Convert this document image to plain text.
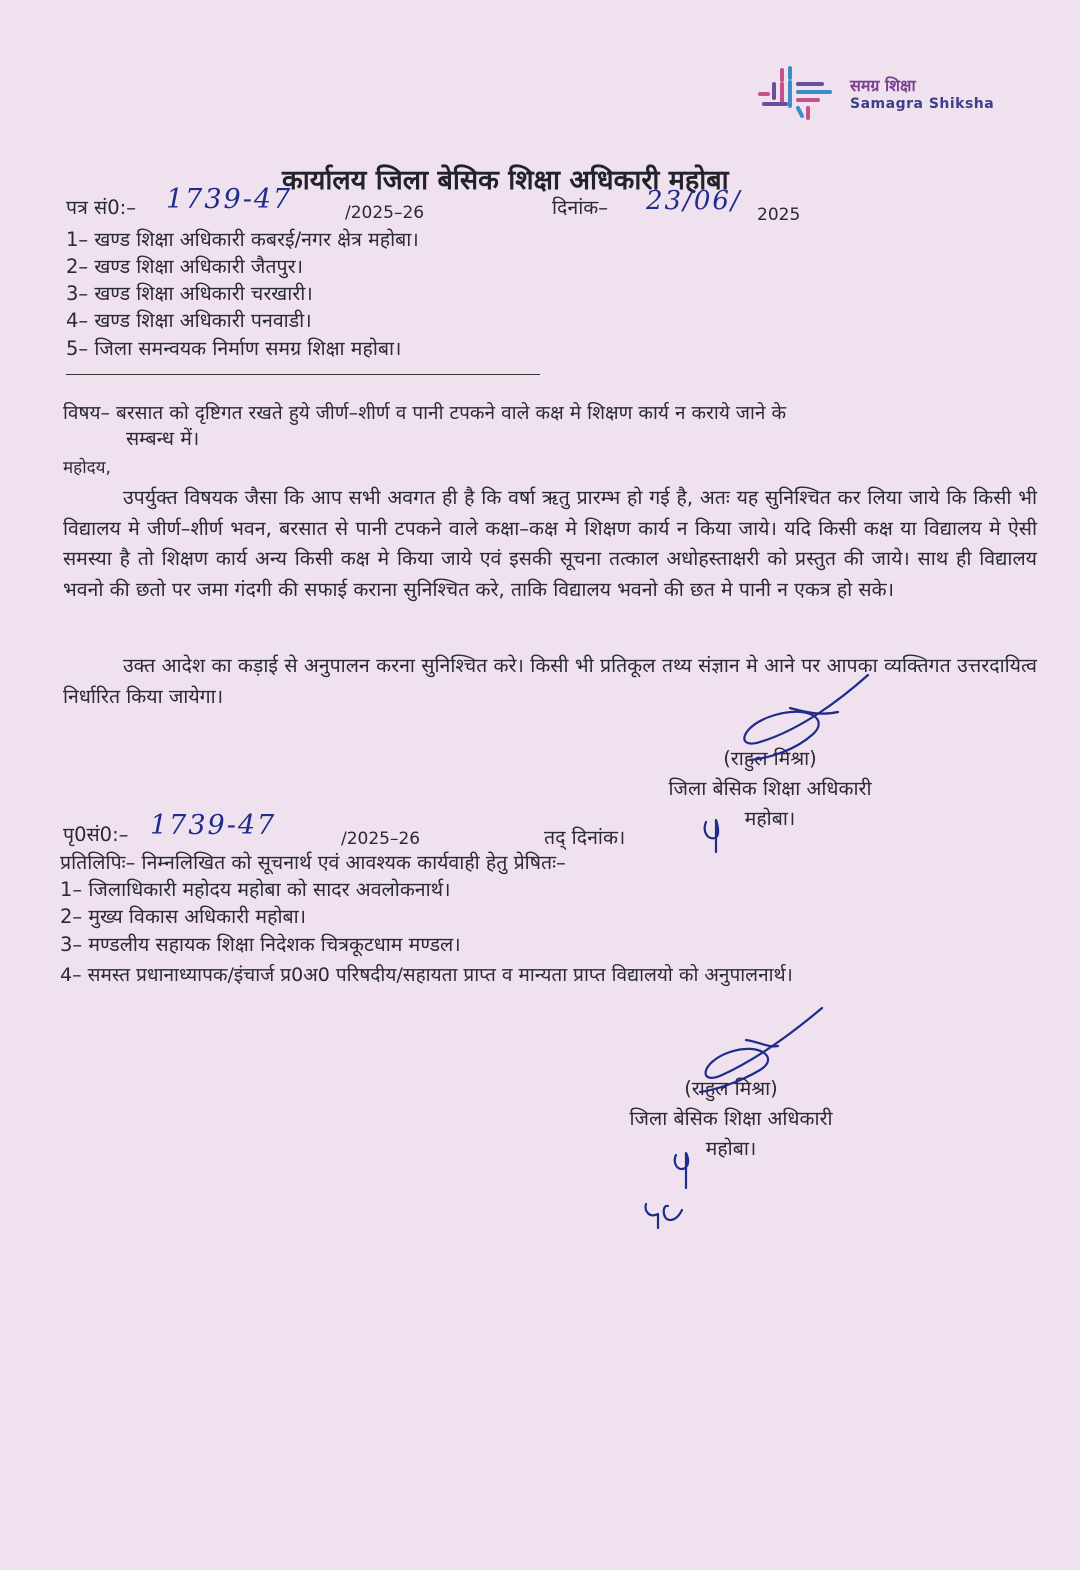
समग्र शिक्षा
Samagra Shiksha
कार्यालय जिला बेसिक शिक्षा अधिकारी महोबा
पत्र सं0:– 1739-47	/2025–26	दिनांक– 23/06/ 2025
1– खण्ड शिक्षा अधिकारी कबरई/नगर क्षेत्र महोबा।
2– खण्ड शिक्षा अधिकारी जैतपुर।
3– खण्ड शिक्षा अधिकारी चरखारी।
4– खण्ड शिक्षा अधिकारी पनवाडी।
5– जिला समन्वयक निर्माण समग्र शिक्षा महोबा।
विषय– बरसात को दृष्टिगत रखते हुये जीर्ण–शीर्ण व पानी टपकने वाले कक्ष मे शिक्षण कार्य न कराये जाने के
सम्बन्ध में।
महोदय,
उपर्युक्त विषयक जैसा कि आप सभी अवगत ही है कि वर्षा ऋतु प्रारम्भ हो गई है, अतः यह सुनिश्चित कर लिया जाये कि किसी भी विद्यालय मे जीर्ण–शीर्ण भवन, बरसात से पानी टपकने वाले कक्षा–कक्ष मे शिक्षण कार्य न किया जाये। यदि किसी कक्ष या विद्यालय मे ऐसी समस्या है तो शिक्षण कार्य अन्य किसी कक्ष मे किया जाये एवं इसकी सूचना तत्काल अधोहस्ताक्षरी को प्रस्तुत की जाये। साथ ही विद्यालय भवनो की छतो पर जमा गंदगी की सफाई कराना सुनिश्चित करे, ताकि विद्यालय भवनो की छत मे पानी न एकत्र हो सके।
उक्त आदेश का कड़ाई से अनुपालन करना सुनिश्चित करे। किसी भी प्रतिकूल तथ्य संज्ञान मे आने पर आपका व्यक्तिगत उत्तरदायित्व निर्धारित किया जायेगा।
(राहुल मिश्रा)
जिला बेसिक शिक्षा अधिकारी
महोबा।
पृ0सं0:– 1739-47	/2025–26	तद् दिनांक।
प्रतिलिपिः– निम्नलिखित को सूचनार्थ एवं आवश्यक कार्यवाही हेतु प्रेषितः–
1– जिलाधिकारी महोदय महोबा को सादर अवलोकनार्थ।
2– मुख्य विकास अधिकारी महोबा।
3– मण्डलीय सहायक शिक्षा निदेशक चित्रकूटधाम मण्डल।
4– समस्त प्रधानाध्यापक/इंचार्ज प्र0अ0 परिषदीय/सहायता प्राप्त व मान्यता प्राप्त विद्यालयो को अनुपालनार्थ।
(राहुल मिश्रा)
जिला बेसिक शिक्षा अधिकारी
महोबा।
